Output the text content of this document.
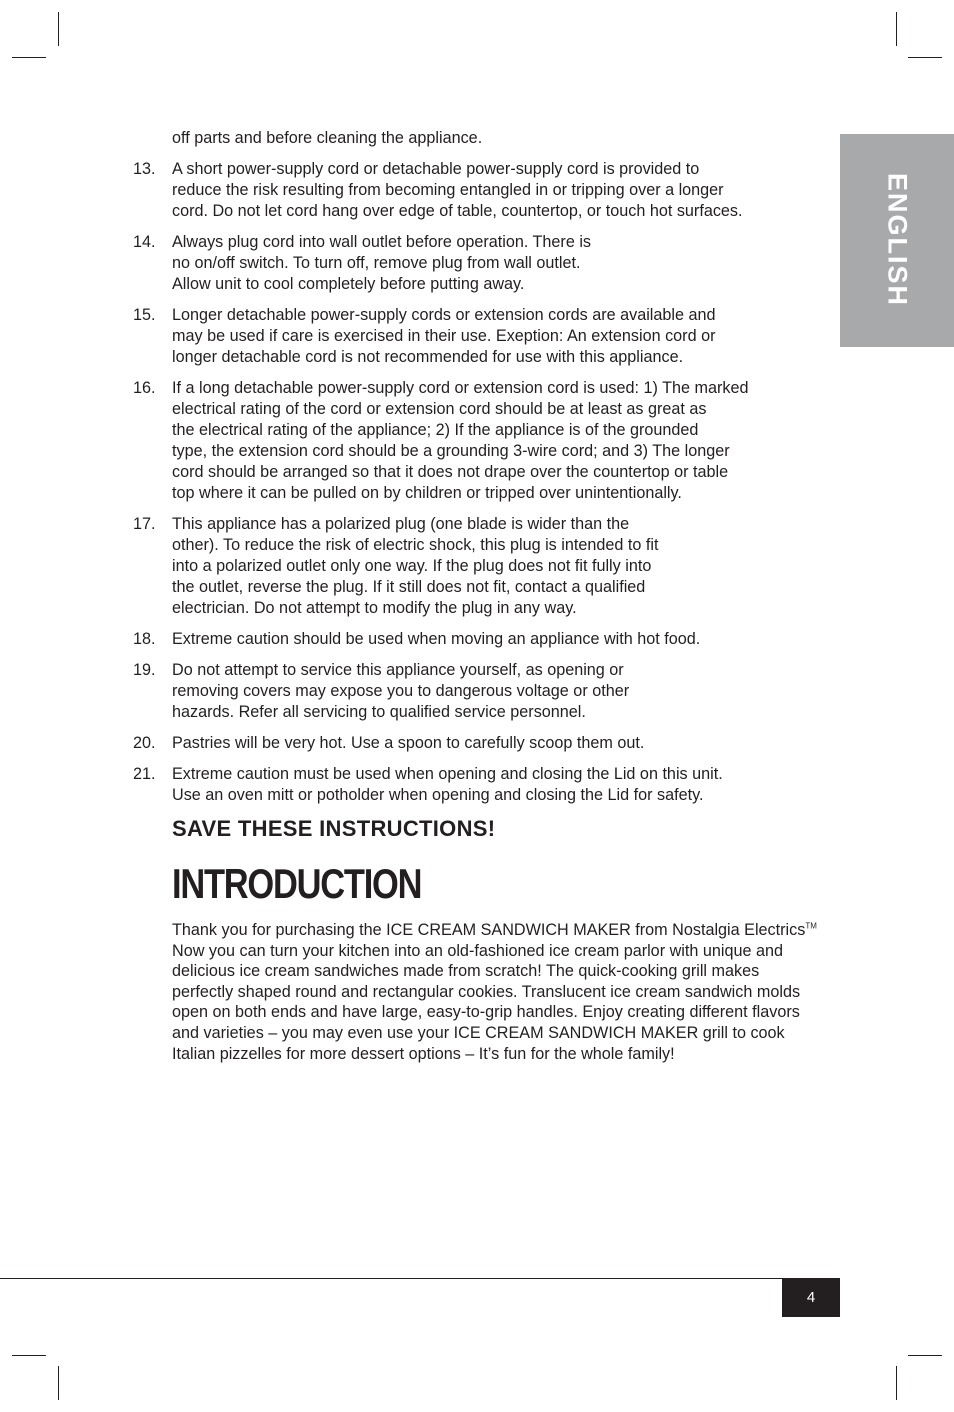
ENGLISH
off parts and before cleaning the appliance.
13.	A short power-supply cord or detachable power-supply cord is provided to
reduce the risk resulting from becoming entangled in or tripping over a longer
cord. Do not let cord hang over edge of table, countertop, or touch hot surfaces.
14.	Always plug cord into wall outlet before operation. There is
no on/off switch. To turn off, remove plug from wall outlet.
Allow unit to cool completely before putting away.
15.	Longer detachable power-supply cords or extension cords are available and
may be used if care is exercised in their use. Exeption: An extension cord or
longer detachable cord is not recommended for use with this appliance.
16.	If a long detachable power-supply cord or extension cord is used: 1) The marked
electrical rating of the cord or extension cord should be at least as great as
the electrical rating of the appliance; 2) If the appliance is of the grounded
type, the extension cord should be a grounding 3-wire cord; and 3) The longer
cord should be arranged so that it does not drape over the countertop or table
top where it can be pulled on by children or tripped over unintentionally.
17.	This appliance has a polarized plug (one blade is wider than the
other). To reduce the risk of electric shock, this plug is intended to fit
into a polarized outlet only one way. If the plug does not fit fully into
the outlet, reverse the plug. If it still does not fit, contact a qualified
electrician. Do not attempt to modify the plug in any way.
18.	Extreme caution should be used when moving an appliance with hot food.
19.	Do not attempt to service this appliance yourself, as opening or
removing covers may expose you to dangerous voltage or other
hazards. Refer all servicing to qualified service personnel.
20.	Pastries will be very hot. Use a spoon to carefully scoop them out.
21.	Extreme caution must be used when opening and closing the Lid on this unit.
Use an oven mitt or potholder when opening and closing the Lid for safety.
SAVE THESE INSTRUCTIONS!
INTRODUCTION
Thank you for purchasing the ICE CREAM SANDWICH MAKER from Nostalgia Electrics™ Now you can turn your kitchen into an old-fashioned ice cream parlor with unique and delicious ice cream sandwiches made from scratch! The quick-cooking grill makes perfectly shaped round and rectangular cookies. Translucent ice cream sandwich molds open on both ends and have large, easy-to-grip handles. Enjoy creating different flavors and varieties – you may even use your ICE CREAM SANDWICH MAKER grill to cook Italian pizzelles for more dessert options – It’s fun for the whole family!
4
